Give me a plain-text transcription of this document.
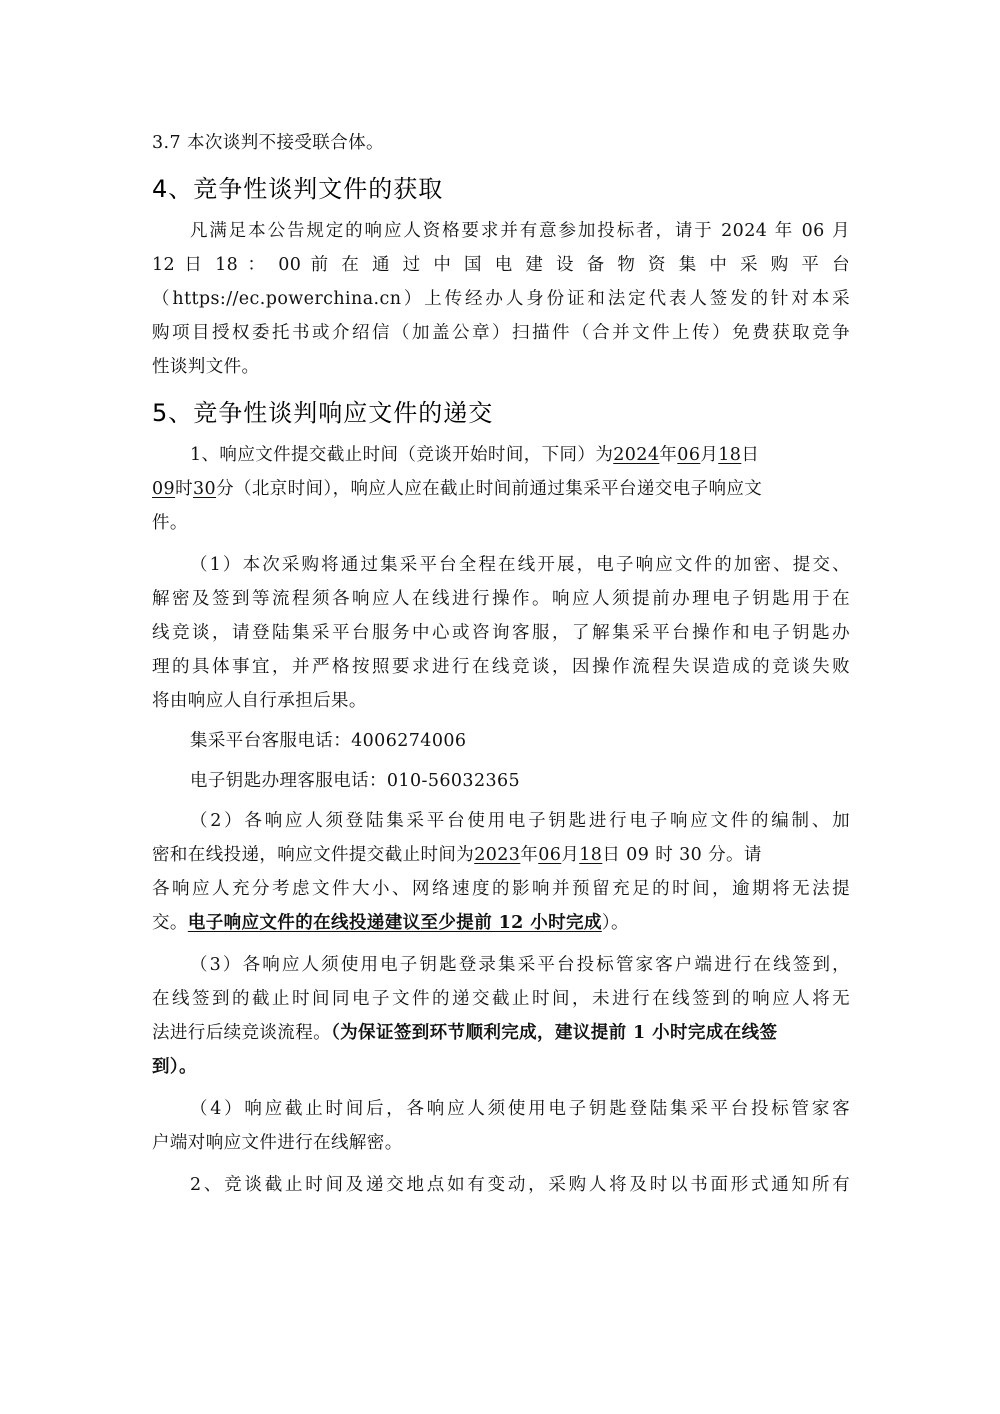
3.7 本次谈判不接受联合体。
4、竞争性谈判文件的获取
凡满足本公告规定的响应人资格要求并有意参加投标者，请于 2024 年 06 月
12 日 18 ： 00 前 在 通 过 中 国 电 建 设 备 物 资 集 中 采 购 平 台
（https://ec.powerchina.cn）上传经办人身份证和法定代表人签发的针对本采
购项目授权委托书或介绍信（加盖公章）扫描件（合并文件上传）免费获取竞争
性谈判文件。
5、竞争性谈判响应文件的递交
1、响应文件提交截止时间（竞谈开始时间，下同）为2024年06月18日
09时30分（北京时间），响应人应在截止时间前通过集采平台递交电子响应文
件。
（1）本次采购将通过集采平台全程在线开展，电子响应文件的加密、提交、
解密及签到等流程须各响应人在线进行操作。响应人须提前办理电子钥匙用于在
线竞谈，请登陆集采平台服务中心或咨询客服，了解集采平台操作和电子钥匙办
理的具体事宜，并严格按照要求进行在线竞谈，因操作流程失误造成的竞谈失败
将由响应人自行承担后果。
集采平台客服电话：4006274006
电子钥匙办理客服电话：010-56032365
（2）各响应人须登陆集采平台使用电子钥匙进行电子响应文件的编制、加
密和在线投递，响应文件提交截止时间为2023年06月18日 09 时 30 分。请
各响应人充分考虑文件大小、网络速度的影响并预留充足的时间，逾期将无法提
交。电子响应文件的在线投递建议至少提前 12 小时完成）。
（3）各响应人须使用电子钥匙登录集采平台投标管家客户端进行在线签到，
在线签到的截止时间同电子文件的递交截止时间，未进行在线签到的响应人将无
法进行后续竞谈流程。（为保证签到环节顺利完成，建议提前 1 小时完成在线签
到）。
（4）响应截止时间后，各响应人须使用电子钥匙登陆集采平台投标管家客
户端对响应文件进行在线解密。
2、竞谈截止时间及递交地点如有变动，采购人将及时以书面形式通知所有
